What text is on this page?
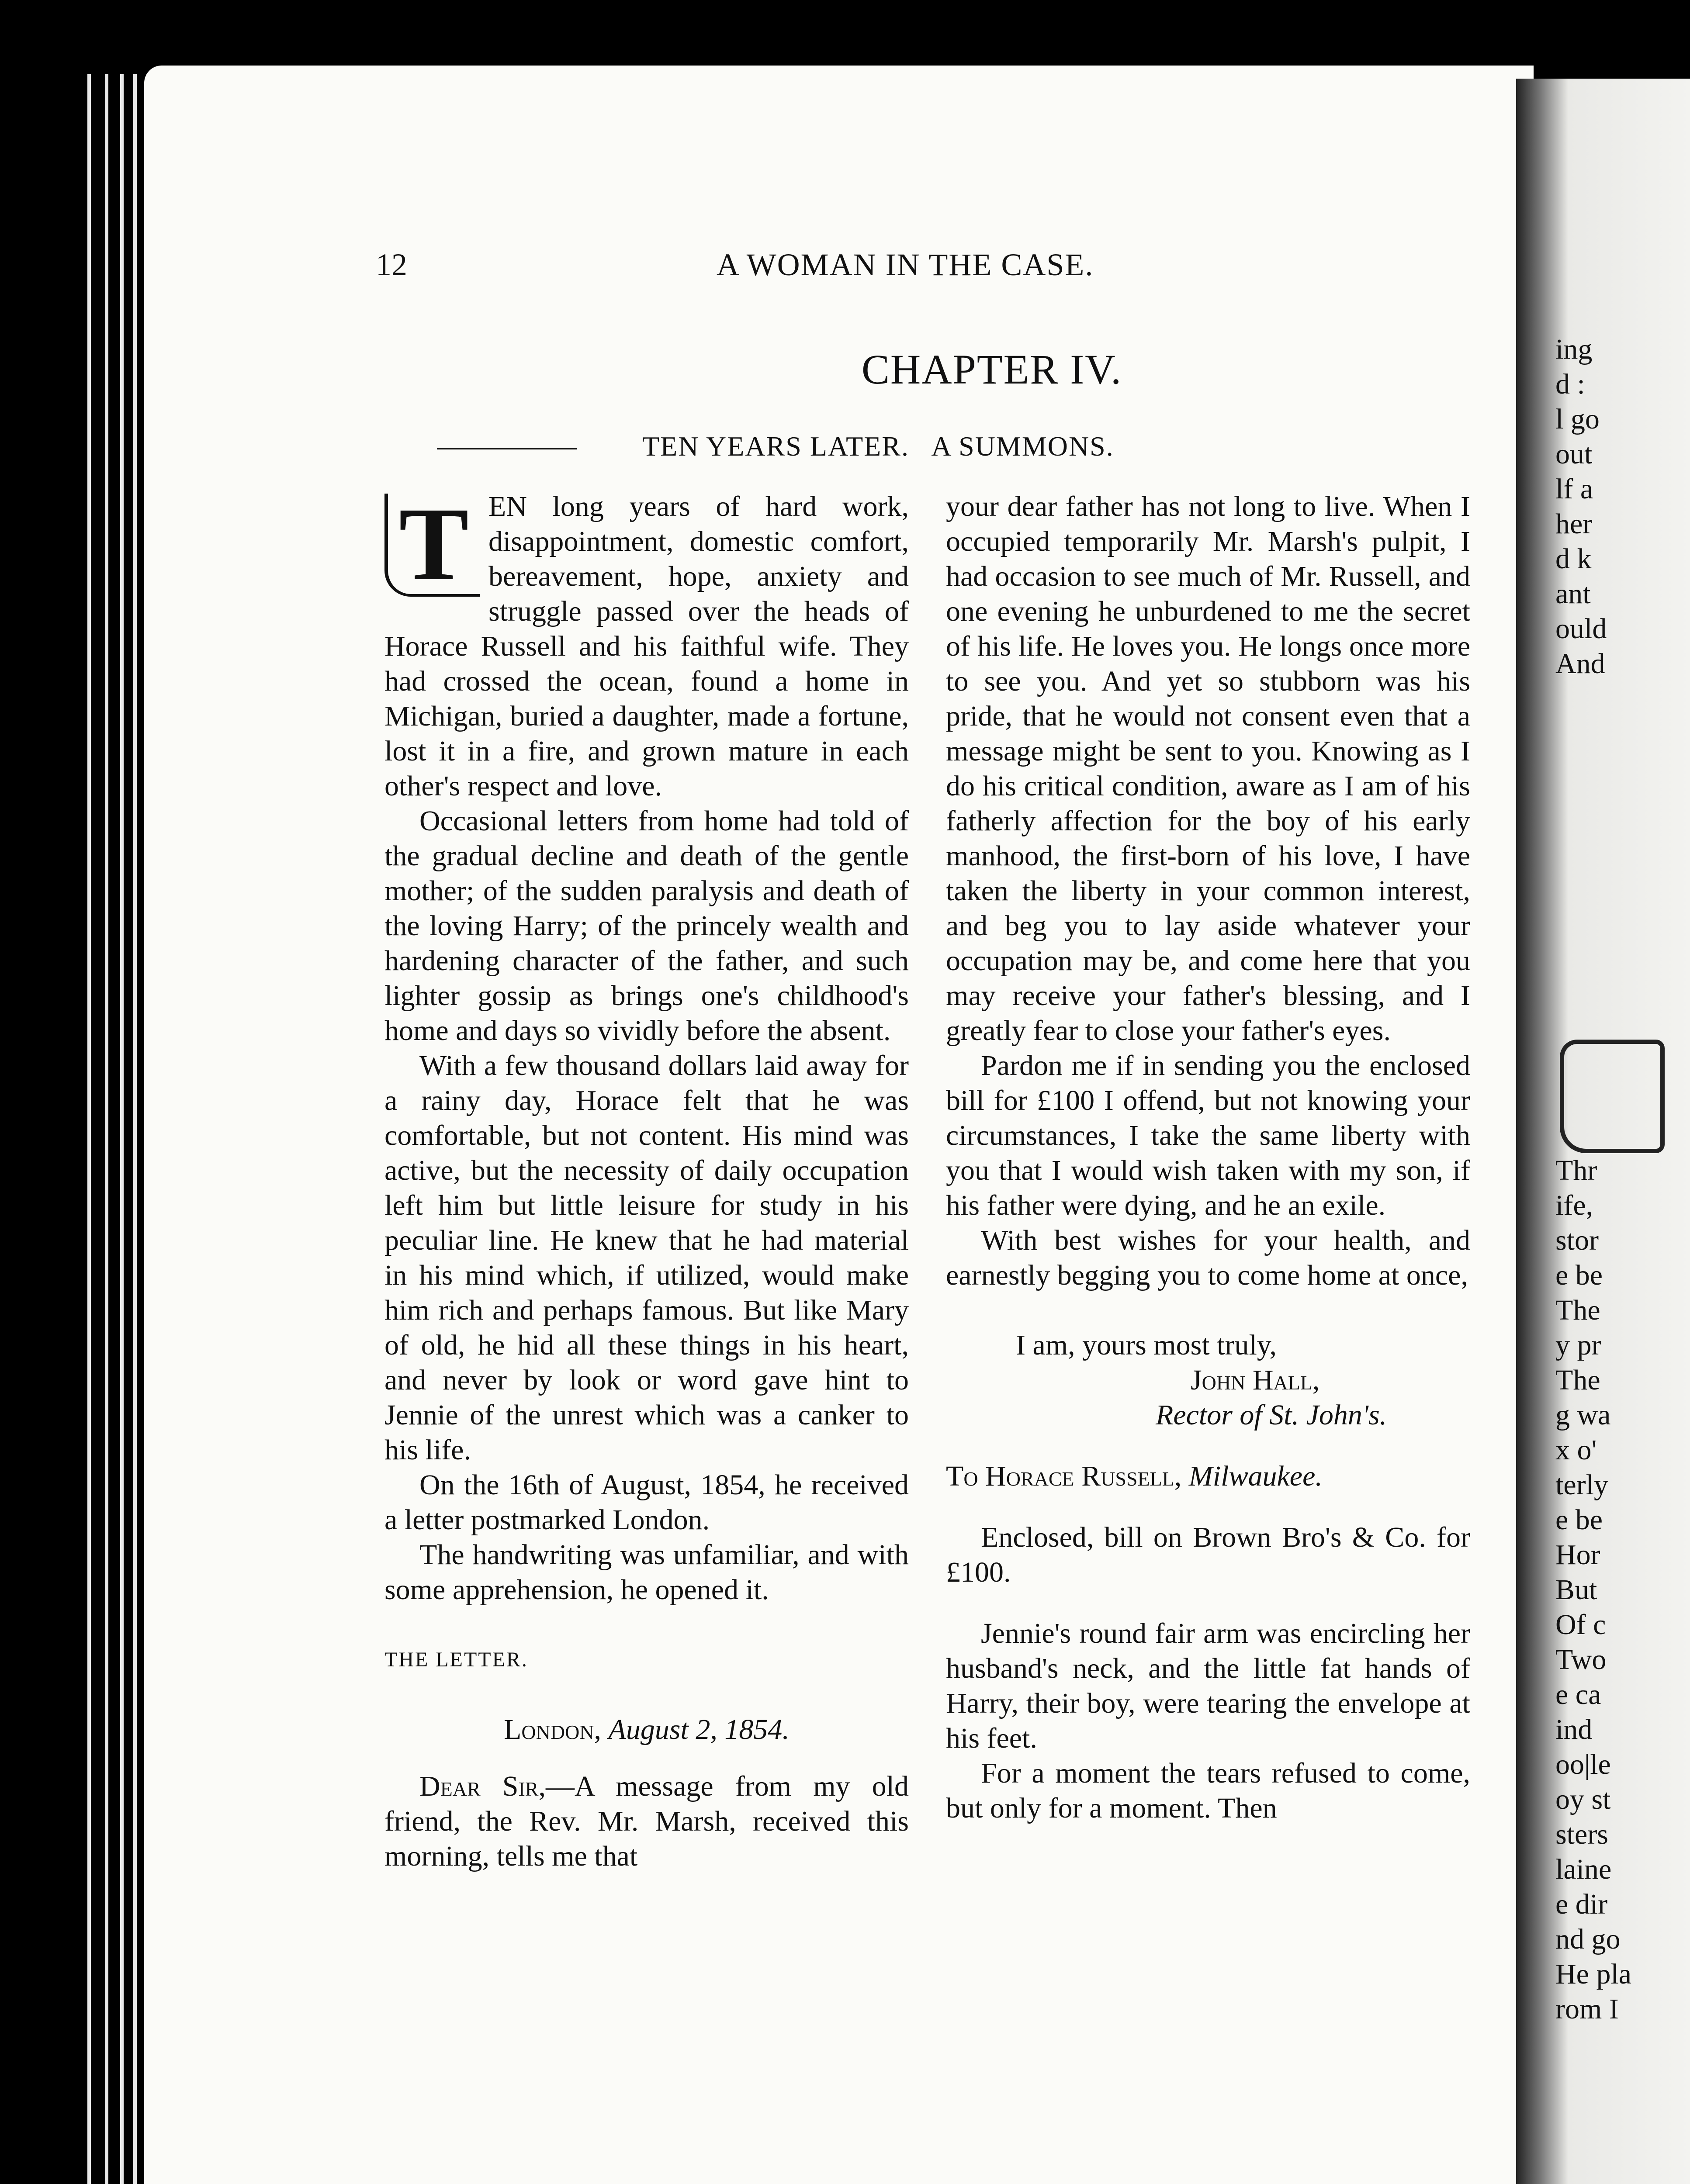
ing
d :
l go
out
lf a
her
d k
ant
ould
And
Thr
ife,
stor
e be
The
y pr
The
g wa
x o'
terly
e be
Hor
But
Of c
Two
e ca
ind
oo|le
oy st
sters
laine
e dir
nd go
He pla
rom I
12	A WOMAN IN THE CASE.
CHAPTER IV.
TEN YEARS LATER.   A SUMMONS.

T EN long years of hard work, disappointment, domestic comfort, bereavement, hope, anxiety and struggle passed over the heads of Horace Russell and his faithful wife. They had crossed the ocean, found a home in Michigan, buried a daughter, made a fortune, lost it in a fire, and grown mature in each other's respect and love.

Occasional letters from home had told of the gradual decline and death of the gentle mother; of the sudden paralysis and death of the loving Harry; of the princely wealth and hardening character of the father, and such lighter gossip as brings one's childhood's home and days so vividly before the absent.

With a few thousand dollars laid away for a rainy day, Horace felt that he was comfortable, but not content. His mind was active, but the necessity of daily occupation left him but little leisure for study in his peculiar line. He knew that he had material in his mind which, if utilized, would make him rich and perhaps famous. But like Mary of old, he hid all these things in his heart, and never by look or word gave hint to Jennie of the unrest which was a canker to his life.

On the 16th of August, 1854, he received a letter postmarked London.

The handwriting was unfamiliar, and with some apprehension, he opened it.

THE LETTER.

London, August 2, 1854.

Dear Sir,—A message from my old friend, the Rev. Mr. Marsh, received this morning, tells me that

your dear father has not long to live. When I occupied temporarily Mr. Marsh's pulpit, I had occasion to see much of Mr. Russell, and one evening he unburdened to me the secret of his life. He loves you. He longs once more to see you. And yet so stubborn was his pride, that he would not consent even that a message might be sent to you. Knowing as I do his critical condition, aware as I am of his fatherly affection for the boy of his early manhood, the first-born of his love, I have taken the liberty in your common interest, and beg you to lay aside whatever your occupation may be, and come here that you may receive your father's blessing, and I greatly fear to close your father's eyes.

Pardon me if in sending you the enclosed bill for £100 I offend, but not knowing your circumstances, I take the same liberty with you that I would wish taken with my son, if his father were dying, and he an exile.

With best wishes for your health, and earnestly begging you to come home at once,

I am, yours most truly,

John Hall,

Rector of St. John's.

To Horace Russell, Milwaukee.

Enclosed, bill on Brown Bro's & Co. for £100.

Jennie's round fair arm was encircling her husband's neck, and the little fat hands of Harry, their boy, were tearing the envelope at his feet.

For a moment the tears refused to come, but only for a moment. Then
